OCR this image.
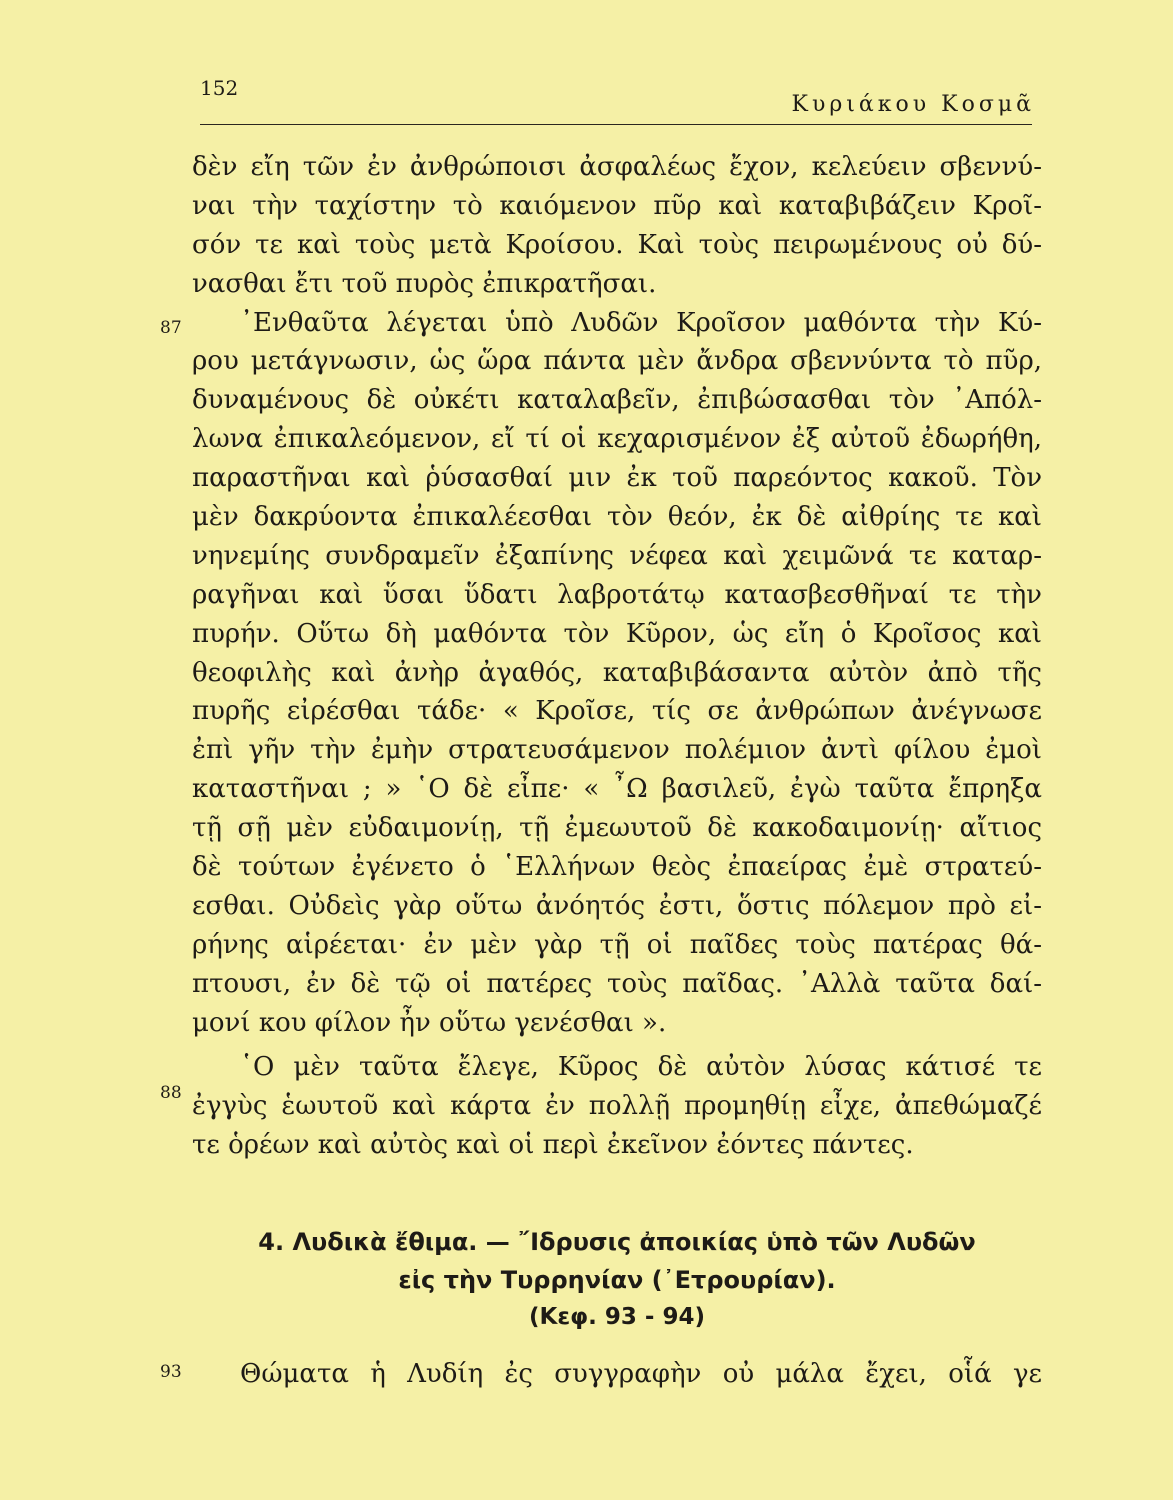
152
Κυριάκου Κοσμᾶ
87
88
93
δὲν εἴη τῶν ἐν ἀνθρώποισι ἀσφαλέως ἔχον, κελεύειν σβεννύ-
ναι τὴν ταχίστην τὸ καιόμενον πῦρ καὶ καταβιβάζειν Κροῖ-
σόν τε καὶ τοὺς μετὰ Κροίσου. Καὶ τοὺς πειρωμένους οὐ δύ-
νασθαι ἔτι τοῦ πυρὸς ἐπικρατῆσαι.
᾿Ενθαῦτα λέγεται ὑπὸ Λυδῶν Κροῖσον μαθόντα τὴν Κύ-
ρου μετάγνωσιν, ὡς ὥρα πάντα μὲν ἄνδρα σβεννύντα τὸ πῦρ,
δυναμένους δὲ οὐκέτι καταλαβεῖν, ἐπιβώσασθαι τὸν ᾿Απόλ-
λωνα ἐπικαλεόμενον, εἴ τί οἱ κεχαρισμένον ἐξ αὐτοῦ ἐδωρήθη,
παραστῆναι καὶ ῥύσασθαί μιν ἐκ τοῦ παρεόντος κακοῦ. Τὸν
μὲν δακρύοντα ἐπικαλέεσθαι τὸν θεόν, ἐκ δὲ αἰθρίης τε καὶ
νηνεμίης συνδραμεῖν ἐξαπίνης νέφεα καὶ χειμῶνά τε καταρ-
ραγῆναι καὶ ὕσαι ὕδατι λαβροτάτῳ κατασβεσθῆναί τε τὴν
πυρήν. Οὕτω δὴ μαθόντα τὸν Κῦρον, ὡς εἴη ὁ Κροῖσος καὶ
θεοφιλὴς καὶ ἀνὴρ ἀγαθός, καταβιβάσαντα αὐτὸν ἀπὸ τῆς
πυρῆς εἰρέσθαι τάδε· « Κροῖσε, τίς σε ἀνθρώπων ἀνέγνωσε
ἐπὶ γῆν τὴν ἐμὴν στρατευσάμενον πολέμιον ἀντὶ φίλου ἐμοὶ
καταστῆναι ; » ῾Ο δὲ εἶπε· « ῏Ω βασιλεῦ, ἐγὼ ταῦτα ἔπρηξα
τῇ σῇ μὲν εὐδαιμονίῃ, τῇ ἐμεωυτοῦ δὲ κακοδαιμονίῃ· αἴτιος
δὲ τούτων ἐγένετο ὁ ῾Ελλήνων θεὸς ἐπαείρας ἐμὲ στρατεύ-
εσθαι. Οὐδεὶς γὰρ οὕτω ἀνόητός ἐστι, ὅστις πόλεμον πρὸ εἰ-
ρήνης αἱρέεται· ἐν μὲν γὰρ τῇ οἱ παῖδες τοὺς πατέρας θά-
πτουσι, ἐν δὲ τῷ οἱ πατέρες τοὺς παῖδας. ᾿Αλλὰ ταῦτα δαί-
μονί κου φίλον ἦν οὕτω γενέσθαι ».
῾Ο μὲν ταῦτα ἔλεγε, Κῦρος δὲ αὐτὸν λύσας κάτισέ τε
ἐγγὺς ἑωυτοῦ καὶ κάρτα ἐν πολλῇ προμηθίῃ εἶχε, ἀπεθώμαζέ
τε ὁρέων καὶ αὐτὸς καὶ οἱ περὶ ἐκεῖνον ἐόντες πάντες.
4. Λυδικὰ ἔθιμα. — ῎Ιδρυσις ἀποικίας ὑπὸ τῶν Λυδῶν
εἰς τὴν Τυρρηνίαν (᾿Ετρουρίαν).
(Κεφ. 93 - 94)
Θώματα ἡ Λυδίη ἐς συγγραφὴν οὐ μάλα ἔχει, οἷά γε
